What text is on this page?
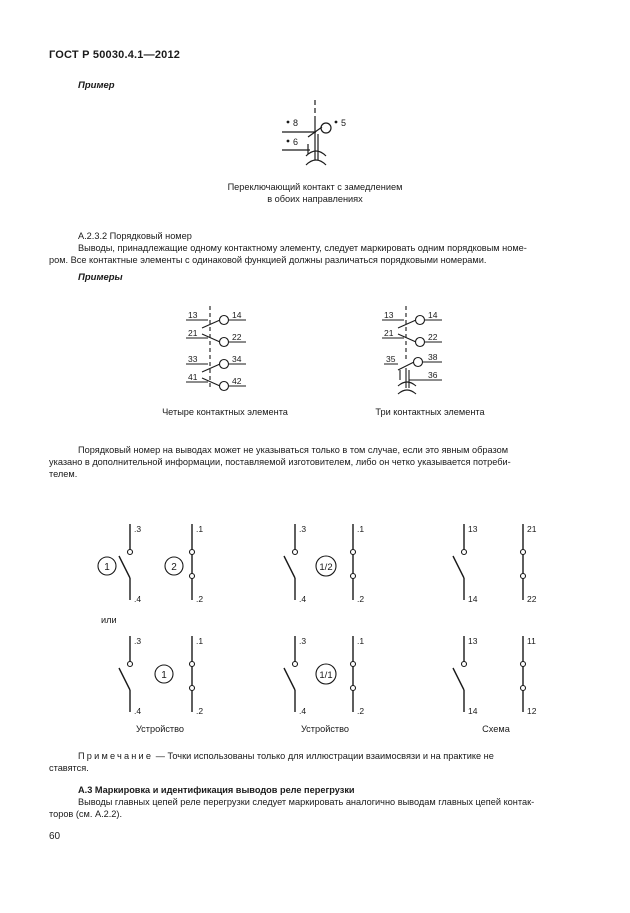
ГОСТ Р 50030.4.1—2012
Пример
8	5
6
Переключающий контакт с замедлением
в обоих направлениях
А.2.3.2 Порядковый номер
Выводы, принадлежащие одному контактному элементу, следует маркировать одним порядковым номе-
ром. Все контактные элементы с одинаковой функцией должны различаться порядковыми номерами.
Примеры
13	14
21	22
33	34
41	42
13	14
21	22
35	38
36
Четыре контактных элемента	Три контактных элемента
Порядковый номер на выводах может не указываться только в том случае, если это явным образом
указано в дополнительной информации, поставляемой изготовителем, либо он четко указывается потреби-
телем.
1	2
.3
.4
.1
.2
1/2
.3
.4
.1
.2
13
14
21
22
или
1
.3
.4
.1
.2
1/1
.3
.4
.1
.2
13
14
11
12
Устройство	Устройство	Схема
Примечание — Точки использованы только для иллюстрации взаимосвязи и на практике не
ставятся.
А.3 Маркировка и идентификация выводов реле перегрузки
Выводы главных цепей реле перегрузки следует маркировать аналогично выводам главных цепей контак-
торов (см. А.2.2).
60
